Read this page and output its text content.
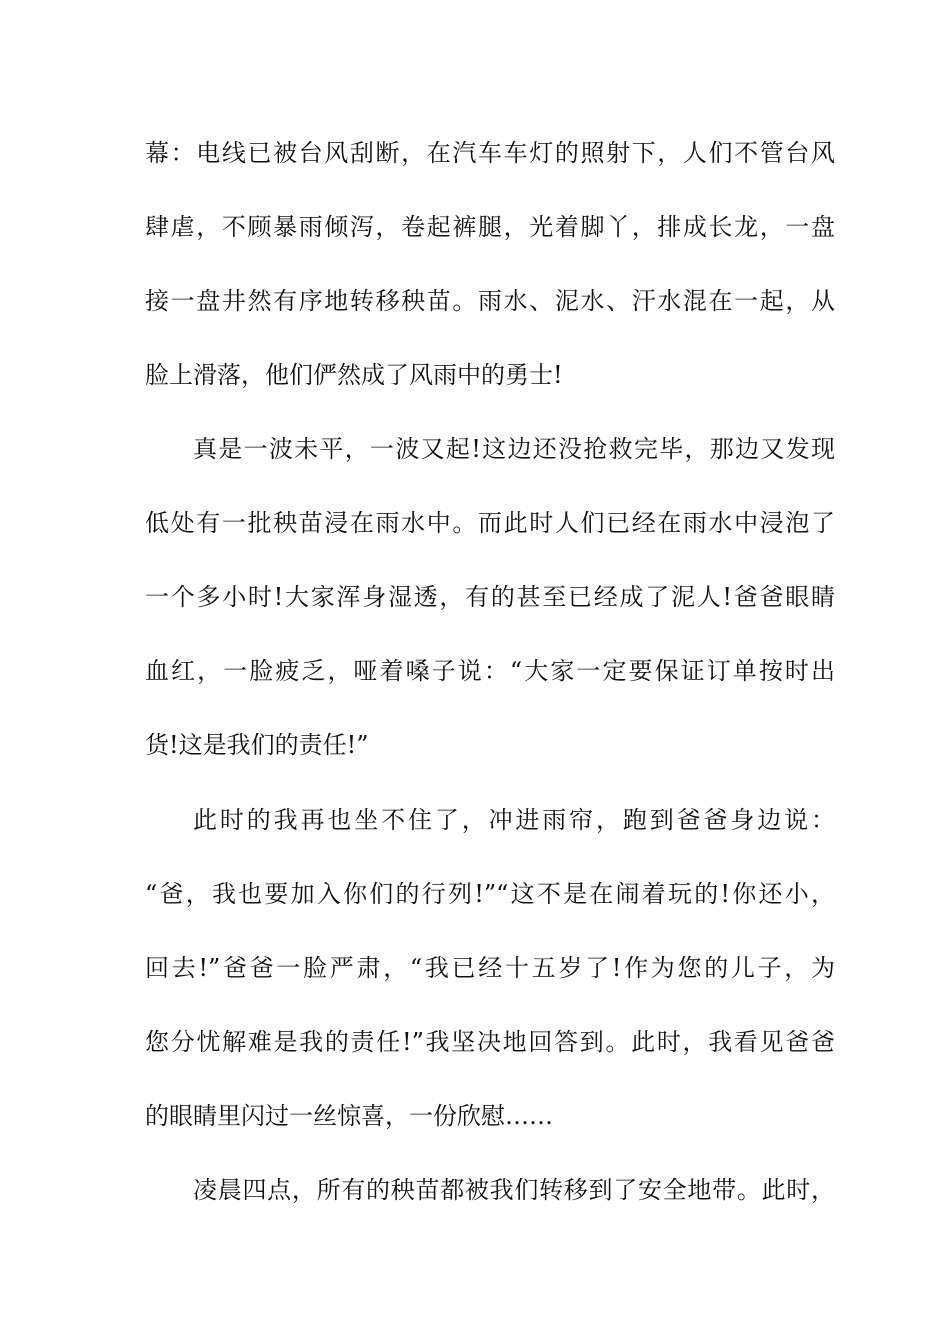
幕：电线已被台风刮断，在汽车车灯的照射下，人们不管台风
肆虐，不顾暴雨倾泻，卷起裤腿，光着脚丫，排成长龙，一盘
接一盘井然有序地转移秧苗。雨水、泥水、汗水混在一起，从
脸上滑落，他们俨然成了风雨中的勇士!
真是一波未平，一波又起!这边还没抢救完毕，那边又发现
低处有一批秧苗浸在雨水中。而此时人们已经在雨水中浸泡了
一个多小时!大家浑身湿透，有的甚至已经成了泥人!爸爸眼睛
血红，一脸疲乏，哑着嗓子说：“大家一定要保证订单按时出
货!这是我们的责任!”
此时的我再也坐不住了，冲进雨帘，跑到爸爸身边说：
“爸，我也要加入你们的行列!”“这不是在闹着玩的!你还小，
回去!”爸爸一脸严肃，“我已经十五岁了!作为您的儿子，为
您分忧解难是我的责任!”我坚决地回答到。此时，我看见爸爸
的眼睛里闪过一丝惊喜，一份欣慰……
凌晨四点，所有的秧苗都被我们转移到了安全地带。此时，
